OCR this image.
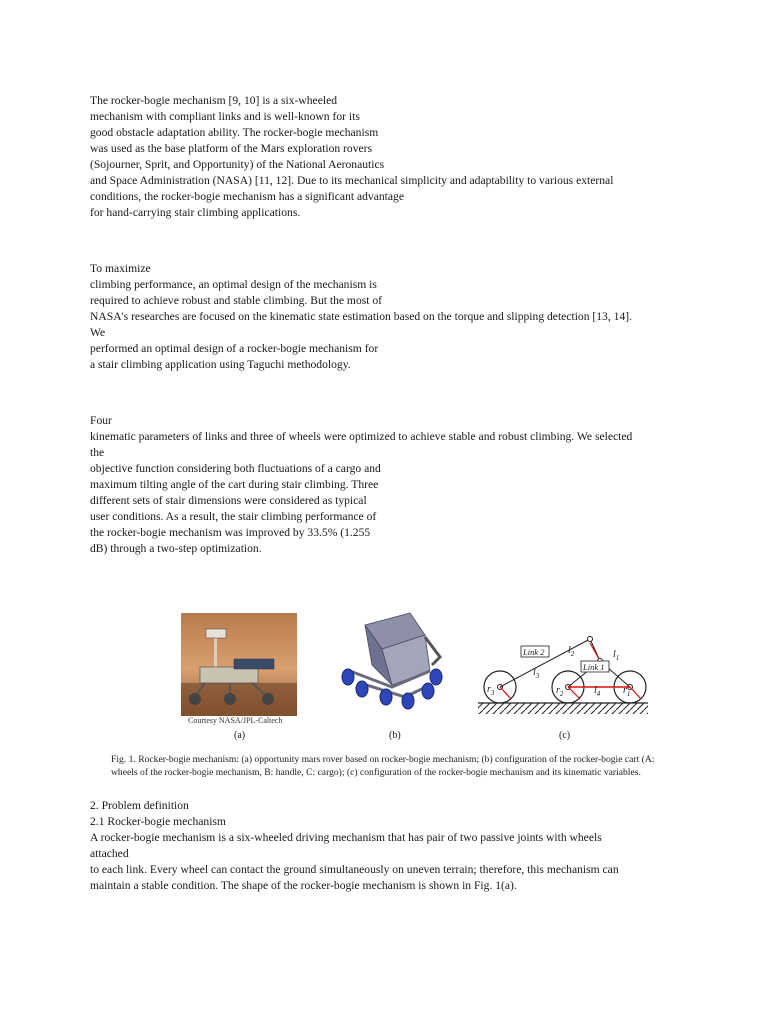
The rocker-bogie mechanism [9, 10] is a six-wheeled
mechanism with compliant links and is well-known for its
good obstacle adaptation ability. The rocker-bogie mechanism
was used as the base platform of the Mars exploration rovers
(Sojourner, Sprit, and Opportunity) of the National Aeronautics
and Space Administration (NASA) [11, 12]. Due to its mechanical simplicity and adaptability to various external
conditions, the rocker-bogie mechanism has a significant advantage
for hand-carrying stair climbing applications.
To maximize
climbing performance, an optimal design of the mechanism is
required to achieve robust and stable climbing. But the most of
NASA's researches are focused on the kinematic state estimation based on the torque and slipping detection [13, 14].
We
performed an optimal design of a rocker-bogie mechanism for
a stair climbing application using Taguchi methodology.
Four
kinematic parameters of links and three of wheels were optimized to achieve stable and robust climbing. We selected
the
objective function considering both fluctuations of a cargo and
maximum tilting angle of the cart during stair climbing. Three
different sets of stair dimensions were considered as typical
user conditions. As a result, the stair climbing performance of
the rocker-bogie mechanism was improved by 33.5% (1.255
dB) through a two-step optimization.
Link 2
Link 1
$l_3$
$l_2$	$l_1$
$l_4$
$r_3$	$r_2$	$r_1$
Courtesy NASA/JPL-Caltech
(a)	(b)	(c)
Fig. 1. Rocker-bogie mechanism: (a) opportunity mars rover based on rocker-bogie mechanism; (b) configuration of the rocker-bogie cart (A:
wheels of the rocker-bogie mechanism, B: handle, C: cargo); (c) configuration of the rocker-bogie mechanism and its kinematic variables.
2. Problem definition
2.1 Rocker-bogie mechanism
A rocker-bogie mechanism is a six-wheeled driving mechanism that has pair of two passive joints with wheels
attached
to each link. Every wheel can contact the ground simultaneously on uneven terrain; therefore, this mechanism can
maintain a stable condition. The shape of the rocker-bogie mechanism is shown in Fig. 1(a).
